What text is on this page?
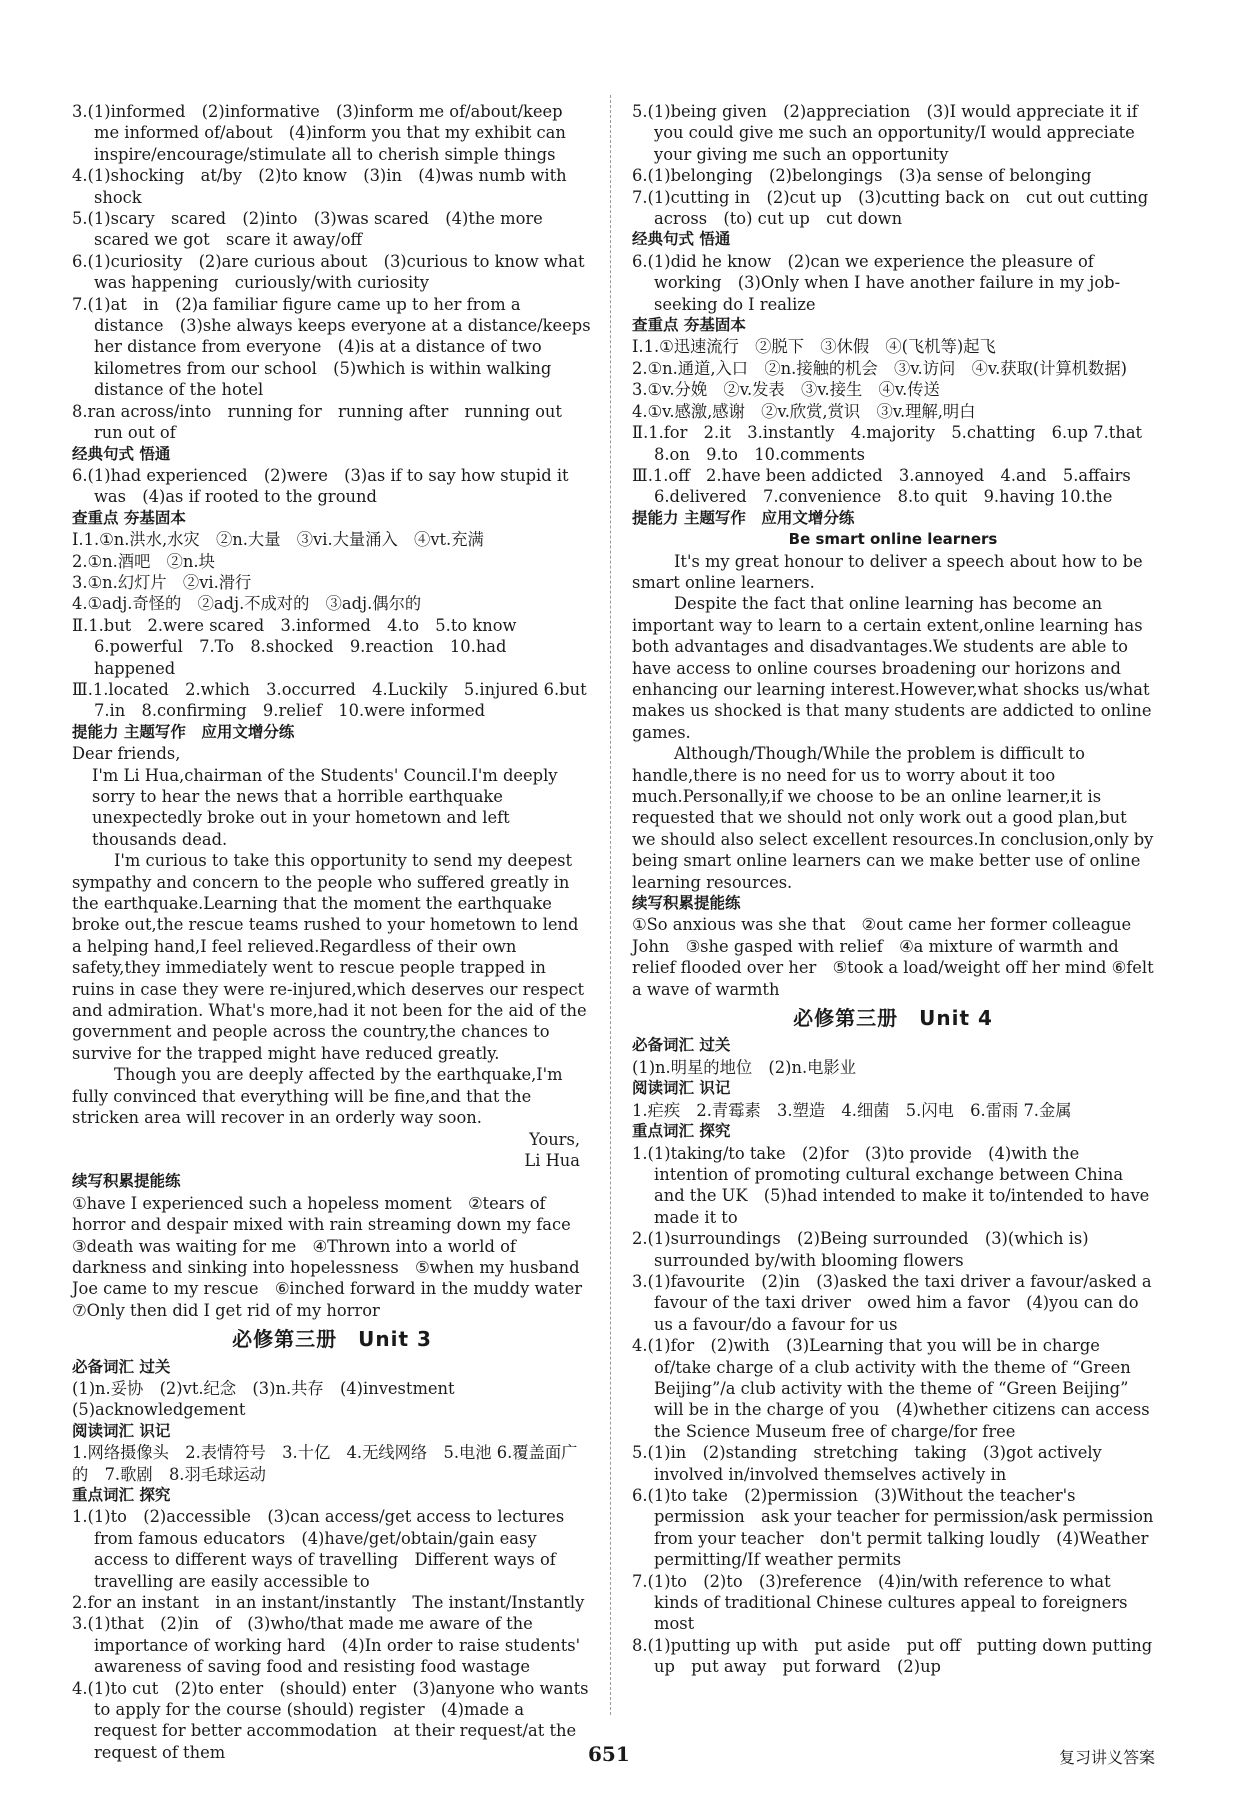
3.(1)informed　(2)informative　(3)inform me of/about/keep me informed of/about　(4)inform you that my exhibit can inspire/encourage/stimulate all to cherish simple things
4.(1)shocking　at/by　(2)to know　(3)in　(4)was numb with shock
5.(1)scary　scared　(2)into　(3)was scared　(4)the more scared we got　scare it away/off
6.(1)curiosity　(2)are curious about　(3)curious to know what was happening　curiously/with curiosity
7.(1)at　in　(2)a familiar figure came up to her from a distance　(3)she always keeps everyone at a distance/keeps her distance from everyone　(4)is at a distance of two kilometres from our school　(5)which is within walking distance of the hotel
8.ran across/into　running for　running after　running out　run out of
经典句式 悟通
6.(1)had experienced　(2)were　(3)as if to say how stupid it was　(4)as if rooted to the ground
查重点 夯基固本
Ⅰ.1.①n.洪水,水灾　②n.大量　③vi.大量涌入　④vt.充满
2.①n.酒吧　②n.块
3.①n.幻灯片　②vi.滑行
4.①adj.奇怪的　②adj.不成对的　③adj.偶尔的
Ⅱ.1.but　2.were scared　3.informed　4.to　5.to know 6.powerful　7.To　8.shocked　9.reaction　10.had happened
Ⅲ.1.located　2.which　3.occurred　4.Luckily　5.injured 6.but　7.in　8.confirming　9.relief　10.were informed
提能力 主题写作　应用文增分练
Dear friends,
I'm Li Hua,chairman of the Students' Council.I'm deeply sorry to hear the news that a horrible earthquake unexpectedly broke out in your hometown and left thousands dead.
I'm curious to take this opportunity to send my deepest sympathy and concern to the people who suffered greatly in the earthquake.Learning that the moment the earthquake broke out,the rescue teams rushed to your hometown to lend a helping hand,I feel relieved.Regardless of their own safety,they immediately went to rescue people trapped in ruins in case they were re-injured,which deserves our respect and admiration. What's more,had it not been for the aid of the government and people across the country,the chances to survive for the trapped might have reduced greatly.
Though you are deeply affected by the earthquake,I'm fully convinced that everything will be fine,and that the stricken area will recover in an orderly way soon.
Yours,
Li Hua
续写积累提能练
①have I experienced such a hopeless moment　②tears of horror and despair mixed with rain streaming down my face ③death was waiting for me　④Thrown into a world of darkness and sinking into hopelessness　⑤when my husband Joe came to my rescue　⑥inched forward in the muddy water ⑦Only then did I get rid of my horror
必修第三册　Unit 3
必备词汇 过关
(1)n.妥协　(2)vt.纪念　(3)n.共存　(4)investment (5)acknowledgement
阅读词汇 识记
1.网络摄像头　2.表情符号　3.十亿　4.无线网络　5.电池 6.覆盖面广的　7.歌剧　8.羽毛球运动
重点词汇 探究
1.(1)to　(2)accessible　(3)can access/get access to lectures from famous educators　(4)have/get/obtain/gain easy access to different ways of travelling　Different ways of travelling are easily accessible to
2.for an instant　in an instant/instantly　The instant/Instantly
3.(1)that　(2)in　of　(3)who/that made me aware of the importance of working hard　(4)In order to raise students' awareness of saving food and resisting food wastage
4.(1)to cut　(2)to enter　(should) enter　(3)anyone who wants to apply for the course (should) register　(4)made a request for better accommodation　at their request/at the request of them
5.(1)being given　(2)appreciation　(3)I would appreciate it if you could give me such an opportunity/I would appreciate your giving me such an opportunity
6.(1)belonging　(2)belongings　(3)a sense of belonging
7.(1)cutting in　(2)cut up　(3)cutting back on　cut out cutting across　(to) cut up　cut down
经典句式 悟通
6.(1)did he know　(2)can we experience the pleasure of working　(3)Only when I have another failure in my job-seeking do I realize
查重点 夯基固本
Ⅰ.1.①迅速流行　②脱下　③休假　④(飞机等)起飞
2.①n.通道,入口　②n.接触的机会　③v.访问　④v.获取(计算机数据)
3.①v.分娩　②v.发表　③v.接生　④v.传送
4.①v.感激,感谢　②v.欣赏,赏识　③v.理解,明白
Ⅱ.1.for　2.it　3.instantly　4.majority　5.chatting　6.up 7.that　8.on　9.to　10.comments
Ⅲ.1.off　2.have been addicted　3.annoyed　4.and　5.affairs　6.delivered　7.convenience　8.to quit　9.having 10.the
提能力 主题写作　应用文增分练
Be smart online learners
It's my great honour to deliver a speech about how to be smart online learners.
Despite the fact that online learning has become an important way to learn to a certain extent,online learning has both advantages and disadvantages.We students are able to have access to online courses broadening our horizons and enhancing our learning interest.However,what shocks us/what makes us shocked is that many students are addicted to online games.
Although/Though/While the problem is difficult to handle,there is no need for us to worry about it too much.Personally,if we choose to be an online learner,it is requested that we should not only work out a good plan,but we should also select excellent resources.In conclusion,only by being smart online learners can we make better use of online learning resources.
续写积累提能练
①So anxious was she that　②out came her former colleague John　③she gasped with relief　④a mixture of warmth and relief flooded over her　⑤took a load/weight off her mind ⑥felt a wave of warmth
必修第三册　Unit 4
必备词汇 过关
(1)n.明星的地位　(2)n.电影业
阅读词汇 识记
1.疟疾　2.青霉素　3.塑造　4.细菌　5.闪电　6.雷雨 7.金属
重点词汇 探究
1.(1)taking/to take　(2)for　(3)to provide　(4)with the intention of promoting cultural exchange between China and the UK　(5)had intended to make it to/intended to have made it to
2.(1)surroundings　(2)Being surrounded　(3)(which is) surrounded by/with blooming flowers
3.(1)favourite　(2)in　(3)asked the taxi driver a favour/asked a favour of the taxi driver　owed him a favor　(4)you can do us a favour/do a favour for us
4.(1)for　(2)with　(3)Learning that you will be in charge of/take charge of a club activity with the theme of “Green Beijing”/a club activity with the theme of “Green Beijing” will be in the charge of you　(4)whether citizens can access the Science Museum free of charge/for free
5.(1)in　(2)standing　stretching　taking　(3)got actively involved in/involved themselves actively in
6.(1)to take　(2)permission　(3)Without the teacher's permission　ask your teacher for permission/ask permission from your teacher　don't permit talking loudly　(4)Weather permitting/If weather permits
7.(1)to　(2)to　(3)reference　(4)in/with reference to what kinds of traditional Chinese cultures appeal to foreigners most
8.(1)putting up with　put aside　put off　putting down putting up　put away　put forward　(2)up
651	复习讲义答案
